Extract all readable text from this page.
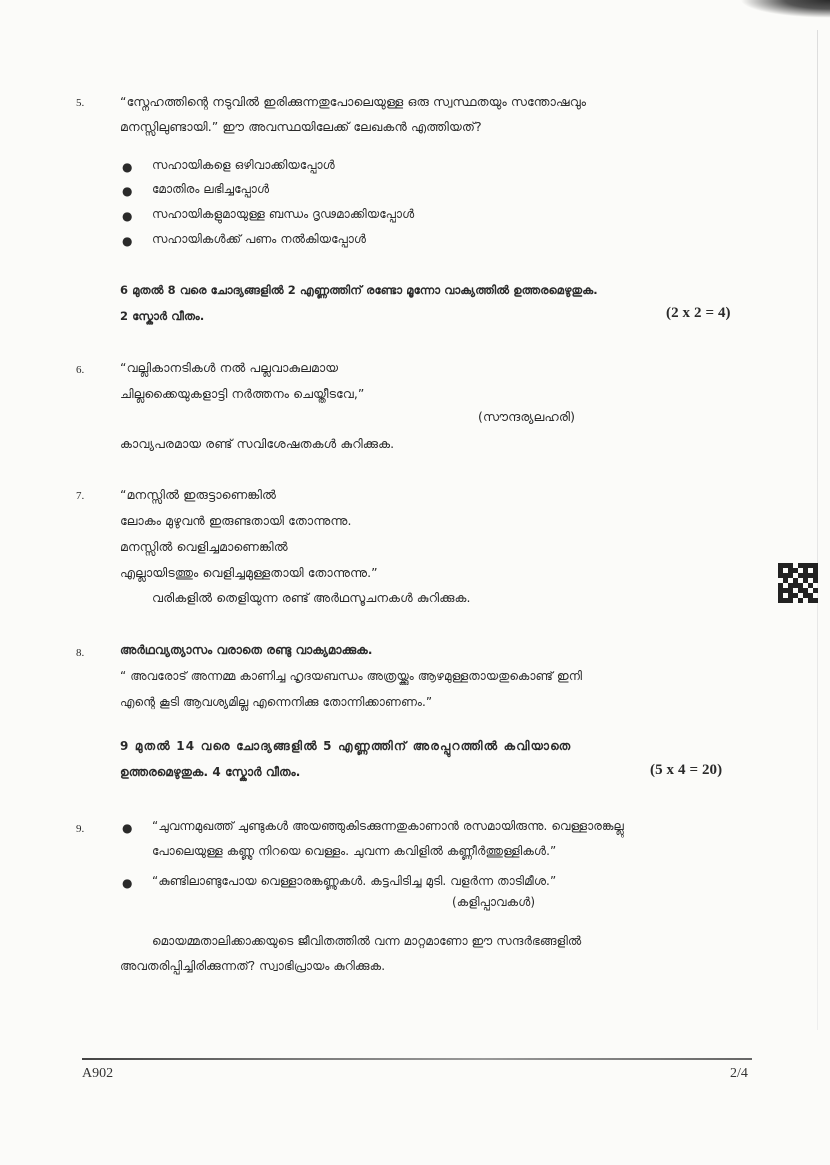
5.	“സ്നേഹത്തിന്റെ നടുവിൽ ഇരിക്കുന്നതുപോലെയുള്ള ഒരു സ്വസ്ഥതയും സന്തോഷവും
മനസ്സിലുണ്ടായി.” ഈ അവസ്ഥയിലേക്ക് ലേഖകൻ എത്തിയത്?
● സഹായികളെ ഒഴിവാക്കിയപ്പോൾ
● മോതിരം ലഭിച്ചപ്പോൾ
● സഹായികളുമായുള്ള ബന്ധം ദൃഢമാക്കിയപ്പോൾ
● സഹായികൾക്ക് പണം നൽകിയപ്പോൾ
6 മുതൽ 8 വരെ ചോദ്യങ്ങളിൽ 2 എണ്ണത്തിന് രണ്ടോ മൂന്നോ വാക്യത്തിൽ ഉത്തരമെഴുതുക.
2 സ്കോർ വീതം.	(2 x 2 = 4)
6.	“വല്ലികാനടികൾ നൽ പല്ലവാകുലമായ
ചില്ലക്കൈയുകളാട്ടി നർത്തനം ചെയ്തീടവേ,”
(സൗന്ദര്യലഹരി)
കാവ്യപരമായ രണ്ട് സവിശേഷതകൾ കുറിക്കുക.
7.	“മനസ്സിൽ ഇരുട്ടാണെങ്കിൽ
ലോകം മുഴുവൻ ഇരുണ്ടതായി തോന്നുന്നു.
മനസ്സിൽ വെളിച്ചമാണെങ്കിൽ
എല്ലായിടത്തും വെളിച്ചമുള്ളതായി തോന്നുന്നു.”
വരികളിൽ തെളിയുന്ന രണ്ട് അർഥസൂചനകൾ കുറിക്കുക.
8.	അർഥവ്യത്യാസം വരാതെ രണ്ടു വാക്യമാക്കുക.
“ അവരോട് അന്നമ്മ കാണിച്ച ഹൃദയബന്ധം അത്രയ്ക്കും ആഴമുള്ളതായതുകൊണ്ട് ഇനി
എന്റെ കൂടി ആവശ്യമില്ല എന്നെനിക്കു തോന്നിക്കാണണം.”
9 മുതൽ 14 വരെ ചോദ്യങ്ങളിൽ 5 എണ്ണത്തിന് അരപ്പുറത്തിൽ കവിയാതെ
ഉത്തരമെഴുതുക. 4 സ്കോർ വീതം.	(5 x 4 = 20)
9.	● “ചുവന്നമുഖത്ത് ചുണ്ടുകൾ അയഞ്ഞുകിടക്കുന്നതുകാണാൻ രസമായിരുന്നു. വെള്ളാരങ്കല്ലു
പോലെയുള്ള കണ്ണു നിറയെ വെള്ളം. ചുവന്ന കവിളിൽ കണ്ണീർത്തുള്ളികൾ.”
● “കുണ്ടിലാണ്ടുപോയ വെള്ളാരങ്കണ്ണുകൾ. കട്ടപിടിച്ച മുടി. വളർന്ന താടിമീശ.”
(കളിപ്പാവകൾ)
മൊയമ്മതാലിക്കാക്കയുടെ ജീവിതത്തിൽ വന്ന മാറ്റമാണോ ഈ സന്ദർഭങ്ങളിൽ
അവതരിപ്പിച്ചിരിക്കുന്നത്? സ്വാഭിപ്രായം കുറിക്കുക.
A902	2/4
